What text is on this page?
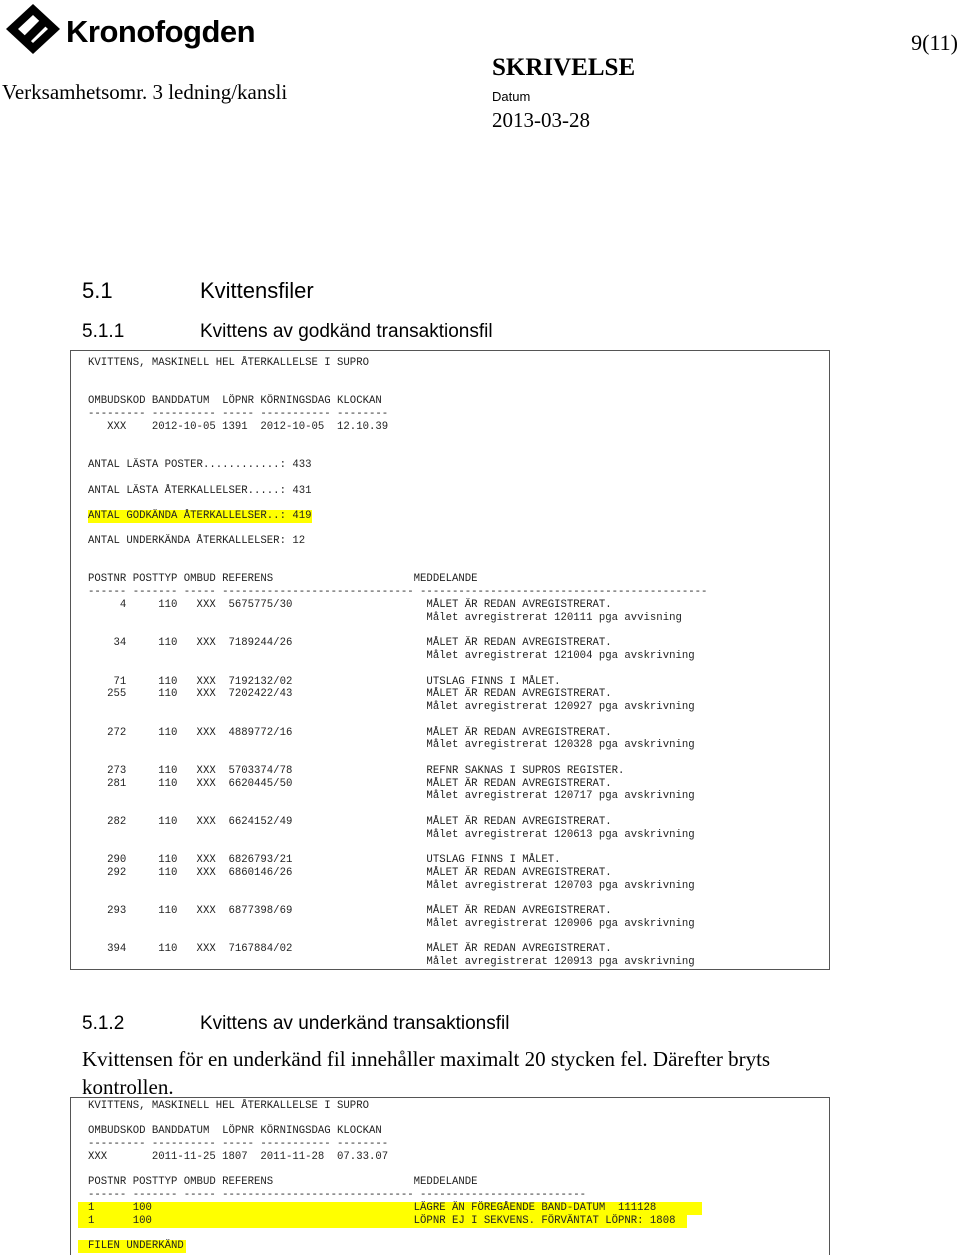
Kronofogden	9(11)
SKRIVELSE
Verksamhetsomr. 3 ledning/kansli	Datum
2013-03-28
5.1	Kvittensfiler
5.1.1	Kvittens av godkänd transaktionsfil
KVITTENS, MASKINELL HEL ÅTERKALLELSE I SUPRO
OMBUDSKOD BANDDATUM  LÖPNR KÖRNINGSDAG KLOCKAN
--------- ---------- ----- ----------- --------
XXX    2012-10-05 1391  2012-10-05  12.10.39
ANTAL LÄSTA POSTER............: 433
ANTAL LÄSTA ÅTERKALLELSER.....: 431
ANTAL GODKÄNDA ÅTERKALLELSER..: 419
ANTAL UNDERKÄNDA ÅTERKALLELSER: 12
POSTNR POSTTYP OMBUD REFERENS                      MEDDELANDE
------ ------- ----- ------------------------------ ---------------------------------------------
4     110   XXX  5675775/30                     MÅLET ÄR REDAN AVREGISTRERAT.
Målet avregistrerat 120111 pga avvisning
34     110   XXX  7189244/26                     MÅLET ÄR REDAN AVREGISTRERAT.
Målet avregistrerat 121004 pga avskrivning
71     110   XXX  7192132/02                     UTSLAG FINNS I MÅLET.
255     110   XXX  7202422/43                     MÅLET ÄR REDAN AVREGISTRERAT.
Målet avregistrerat 120927 pga avskrivning
272     110   XXX  4889772/16                     MÅLET ÄR REDAN AVREGISTRERAT.
Målet avregistrerat 120328 pga avskrivning
273     110   XXX  5703374/78                     REFNR SAKNAS I SUPROS REGISTER.
281     110   XXX  6620445/50                     MÅLET ÄR REDAN AVREGISTRERAT.
Målet avregistrerat 120717 pga avskrivning
282     110   XXX  6624152/49                     MÅLET ÄR REDAN AVREGISTRERAT.
Målet avregistrerat 120613 pga avskrivning
290     110   XXX  6826793/21                     UTSLAG FINNS I MÅLET.
292     110   XXX  6860146/26                     MÅLET ÄR REDAN AVREGISTRERAT.
Målet avregistrerat 120703 pga avskrivning
293     110   XXX  6877398/69                     MÅLET ÄR REDAN AVREGISTRERAT.
Målet avregistrerat 120906 pga avskrivning
394     110   XXX  7167884/02                     MÅLET ÄR REDAN AVREGISTRERAT.
Målet avregistrerat 120913 pga avskrivning
5.1.2	Kvittens av underkänd transaktionsfil
Kvittensen för en underkänd fil innehåller maximalt 20 stycken fel. Därefter bryts kontrollen.
KVITTENS, MASKINELL HEL ÅTERKALLELSE I SUPRO
OMBUDSKOD BANDDATUM  LÖPNR KÖRNINGSDAG KLOCKAN
--------- ---------- ----- ----------- --------
XXX       2011-11-25 1807  2011-11-28  07.33.07
POSTNR POSTTYP OMBUD REFERENS                      MEDDELANDE
------ ------- ----- ------------------------------ --------------------------
1      100                                         LÄGRE ÄN FÖREGÅENDE BAND-DATUM  111128
1      100                                         LÖPNR EJ I SEKVENS. FÖRVÄNTAT LÖPNR: 1808
FILEN UNDERKÄND
